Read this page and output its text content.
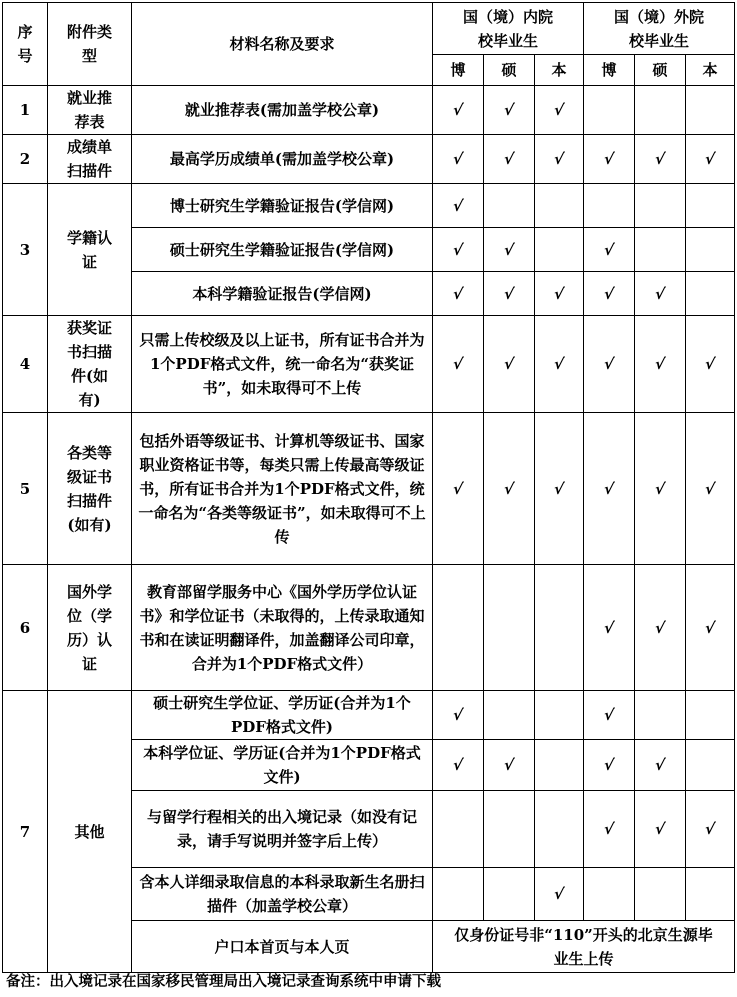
序号	附件类型	材料名称及要求	国（境）内院校毕业生			国（境）外院校毕业生		
			博	硕	本	博	硕	本
1	就业推荐表	就业推荐表(需加盖学校公章)	√	√	√			
2	成绩单扫描件	最高学历成绩单(需加盖学校公章)	√	√	√	√	√	√
3	学籍认证	博士研究生学籍验证报告(学信网)	√					
		硕士研究生学籍验证报告(学信网)	√	√		√		
		本科学籍验证报告(学信网)	√	√	√	√	√	
4	获奖证书扫描件(如有)	只需上传校级及以上证书，所有证书合并为1个PDF格式文件，统一命名为“获奖证书”，如未取得可不上传	√	√	√	√	√	√
5	各类等级证书扫描件(如有)	包括外语等级证书、计算机等级证书、国家职业资格证书等，每类只需上传最高等级证书，所有证书合并为1个PDF格式文件，统一命名为“各类等级证书”，如未取得可不上传	√	√	√	√	√	√
6	国外学位（学历）认证	教育部留学服务中心《国外学历学位认证书》和学位证书（未取得的，上传录取通知书和在读证明翻译件，加盖翻译公司印章，合并为1个PDF格式文件）				√	√	√
7	其他	硕士研究生学位证、学历证(合并为1个PDF格式文件)	√			√		
		本科学位证、学历证(合并为1个PDF格式文件)	√	√		√	√	
		与留学行程相关的出入境记录（如没有记录，请手写说明并签字后上传）				√	√	√
		含本人详细录取信息的本科录取新生名册扫描件（加盖学校公章）			√			
		户口本首页与本人页	仅身份证号非“110”开头的北京生源毕业生上传					
备注：出入境记录在国家移民管理局出入境记录查询系统中申请下载
